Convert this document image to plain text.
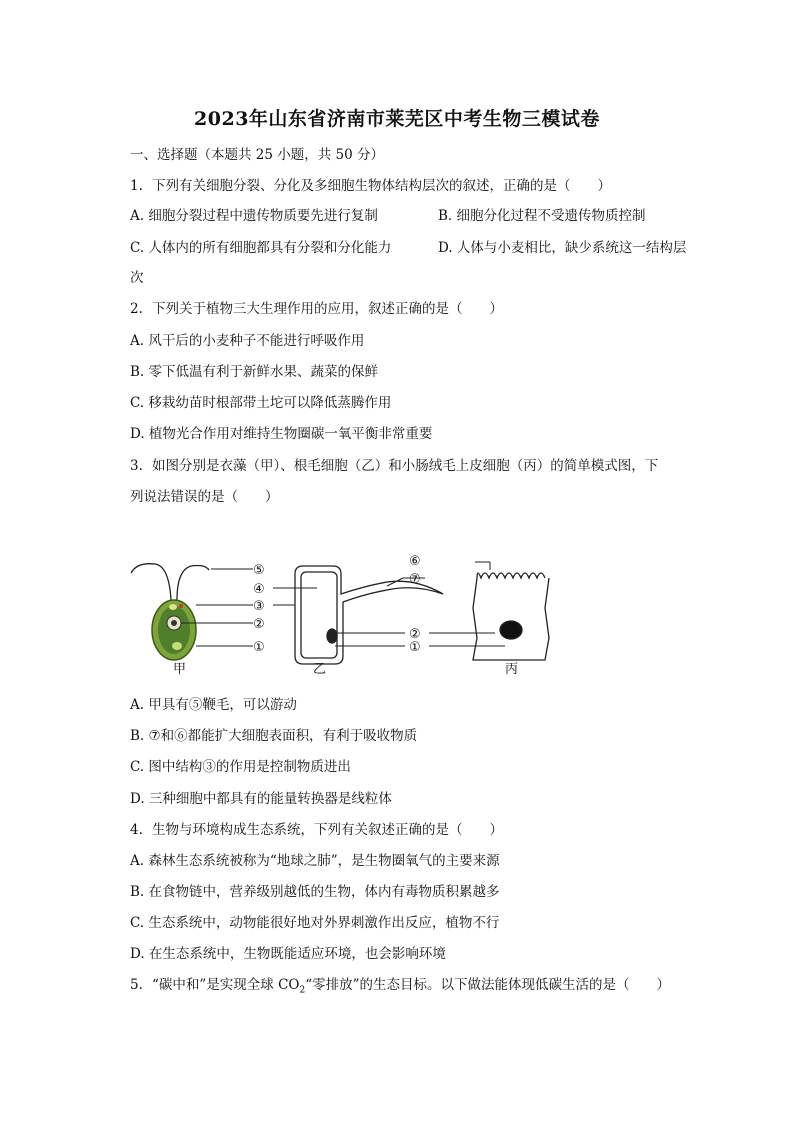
2023年山东省济南市莱芜区中考生物三模试卷
一、选择题（本题共 25 小题，共 50 分）
1. 下列有关细胞分裂、分化及多细胞生物体结构层次的叙述，正确的是（　　）
A. 细胞分裂过程中遗传物质要先进行复制	B. 细胞分化过程不受遗传物质控制
C. 人体内的所有细胞都具有分裂和分化能力	D. 人体与小麦相比，缺少系统这一结构层
次
2. 下列关于植物三大生理作用的应用，叙述正确的是（　　）
A. 风干后的小麦种子不能进行呼吸作用
B. 零下低温有利于新鲜水果、蔬菜的保鲜
C. 移栽幼苗时根部带土坨可以降低蒸腾作用
D. 植物光合作用对维持生物圈碳一氧平衡非常重要
3. 如图分别是衣藻（甲）、根毛细胞（乙）和小肠绒毛上皮细胞（丙）的简单模式图，下
列说法错误的是（　　）
⑤
④
③
②
①
⑥
⑦
②
①
甲	乙	丙
A. 甲具有⑤鞭毛，可以游动
B. ⑦和⑥都能扩大细胞表面积，有利于吸收物质
C. 图中结构③的作用是控制物质进出
D. 三种细胞中都具有的能量转换器是线粒体
4. 生物与环境构成生态系统，下列有关叙述正确的是（　　）
A. 森林生态系统被称为“地球之肺”，是生物圈氧气的主要来源
B. 在食物链中，营养级别越低的生物，体内有毒物质积累越多
C. 生态系统中，动物能很好地对外界刺激作出反应，植物不行
D. 在生态系统中，生物既能适应环境，也会影响环境
5. “碳中和”是实现全球 $CO_2“$零排放”的生态目标。以下做法能体现低碳生活的是（　　）
